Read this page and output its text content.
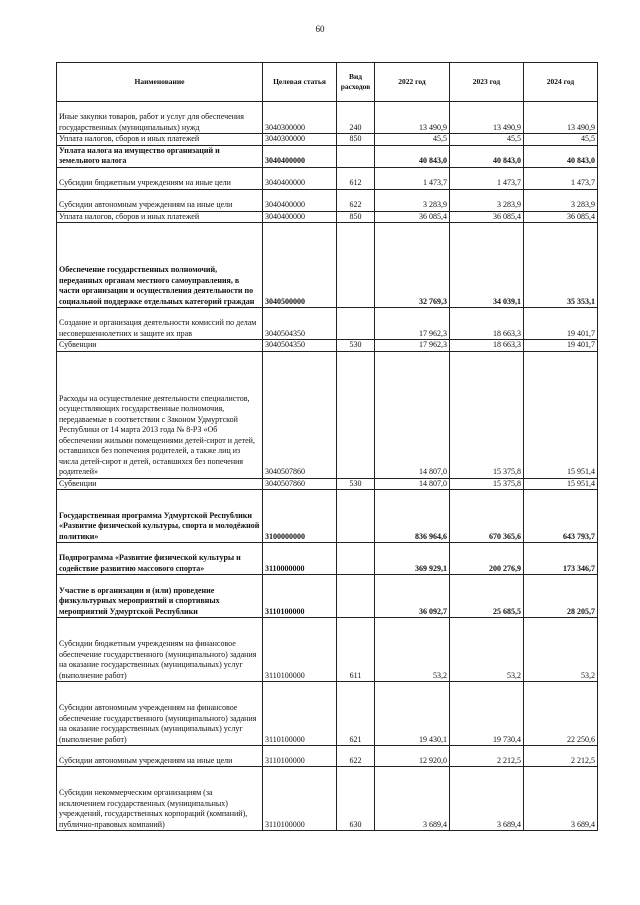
60
Наименование	Целевая статья	Вид расходов	2022 год	2023 год	2024 год
Иные закупки товаров, работ и услуг для обеспечения государственных (муниципальных) нужд	3040300000	240	13 490,9	13 490,9	13 490,9
Уплата налогов, сборов и иных платежей	3040300000	850	45,5	45,5	45,5
Уплата налога на имущество организаций и земельного налога	3040400000		40 843,0	40 843,0	40 843,0
Субсидии бюджетным учреждениям на иные цели	3040400000	612	1 473,7	1 473,7	1 473,7
Субсидии автономным учреждениям на иные цели	3040400000	622	3 283,9	3 283,9	3 283,9
Уплата налогов, сборов и иных платежей	3040400000	850	36 085,4	36 085,4	36 085,4
Обеспечение государственных полномочий, переданных органам местного самоуправления, в части организации и осуществления деятельности по социальной поддержке отдельных категорий граждан	3040500000		32 769,3	34 039,1	35 353,1
Создание и организация деятельности комиссий по делам несовершеннолетних и защите их прав	3040504350		17 962,3	18 663,3	19 401,7
Субвенции	3040504350	530	17 962,3	18 663,3	19 401,7
Расходы на осуществление деятельности специалистов, осуществляющих государственные полномочия, передаваемые в соответствии с Законом Удмуртской Республики от 14 марта 2013 года № 8-РЗ «Об обеспечении жилыми помещениями детей-сирот и детей, оставшихся без попечения родителей, а также лиц из числа детей-сирот и детей, оставшихся без попечения родителей»	3040507860		14 807,0	15 375,8	15 951,4
Субвенции	3040507860	530	14 807,0	15 375,8	15 951,4
Государственная программа Удмуртской Республики «Развитие физической культуры, спорта и молодёжной политики»	3100000000		836 964,6	670 365,6	643 793,7
Подпрограмма «Развитие физической культуры и содействие развитию массового спорта»	3110000000		369 929,1	200 276,9	173 346,7
Участие в организации и (или) проведение физкультурных мероприятий и спортивных мероприятий Удмуртской Республики	3110100000		36 092,7	25 685,5	28 205,7
Субсидии бюджетным учреждениям на финансовое обеспечение государственного (муниципального) задания на оказание государственных (муниципальных) услуг (выполнение работ)	3110100000	611	53,2	53,2	53,2
Субсидии автономным учреждениям на финансовое обеспечение государственного (муниципального) задания на оказание государственных (муниципальных) услуг (выполнение работ)	3110100000	621	19 430,1	19 730,4	22 250,6
Субсидии автономным учреждениям на иные цели	3110100000	622	12 920,0	2 212,5	2 212,5
Субсидии некоммерческим организациям (за исключением государственных (муниципальных) учреждений, государственных корпораций (компаний), публично-правовых компаний)	3110100000	630	3 689,4	3 689,4	3 689,4
